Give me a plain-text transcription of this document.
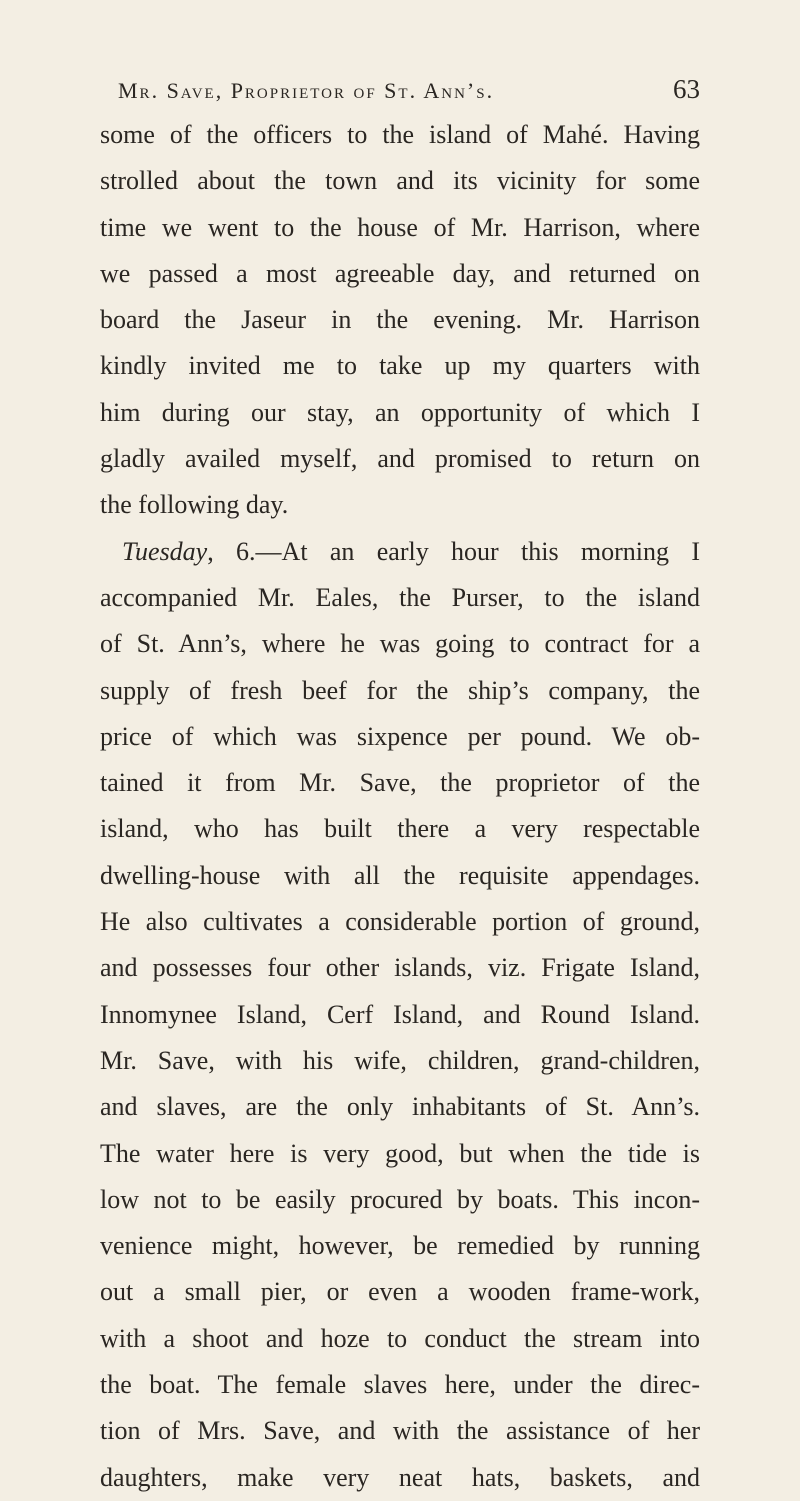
Mr. Save, Proprietor of St. Ann’s.	63
some of the officers to the island of Mahé. Having
strolled about the town and its vicinity for some
time we went to the house of Mr. Harrison, where
we passed a most agreeable day, and returned on
board the Jaseur in the evening. Mr. Harrison
kindly invited me to take up my quarters with
him during our stay, an opportunity of which I
gladly availed myself, and promised to return on
the following day.
Tuesday, 6.—At an early hour this morning I
accompanied Mr. Eales, the Purser, to the island
of St. Ann’s, where he was going to contract for a
supply of fresh beef for the ship’s company, the
price of which was sixpence per pound. We ob-
tained it from Mr. Save, the proprietor of the
island, who has built there a very respectable
dwelling-house with all the requisite appendages.
He also cultivates a considerable portion of ground,
and possesses four other islands, viz. Frigate Island,
Innomynee Island, Cerf Island, and Round Island.
Mr. Save, with his wife, children, grand-children,
and slaves, are the only inhabitants of St. Ann’s.
The water here is very good, but when the tide is
low not to be easily procured by boats. This incon-
venience might, however, be remedied by running
out a small pier, or even a wooden frame-work,
with a shoot and hoze to conduct the stream into
the boat. The female slaves here, under the direc-
tion of Mrs. Save, and with the assistance of her
daughters, make very neat hats, baskets, and
